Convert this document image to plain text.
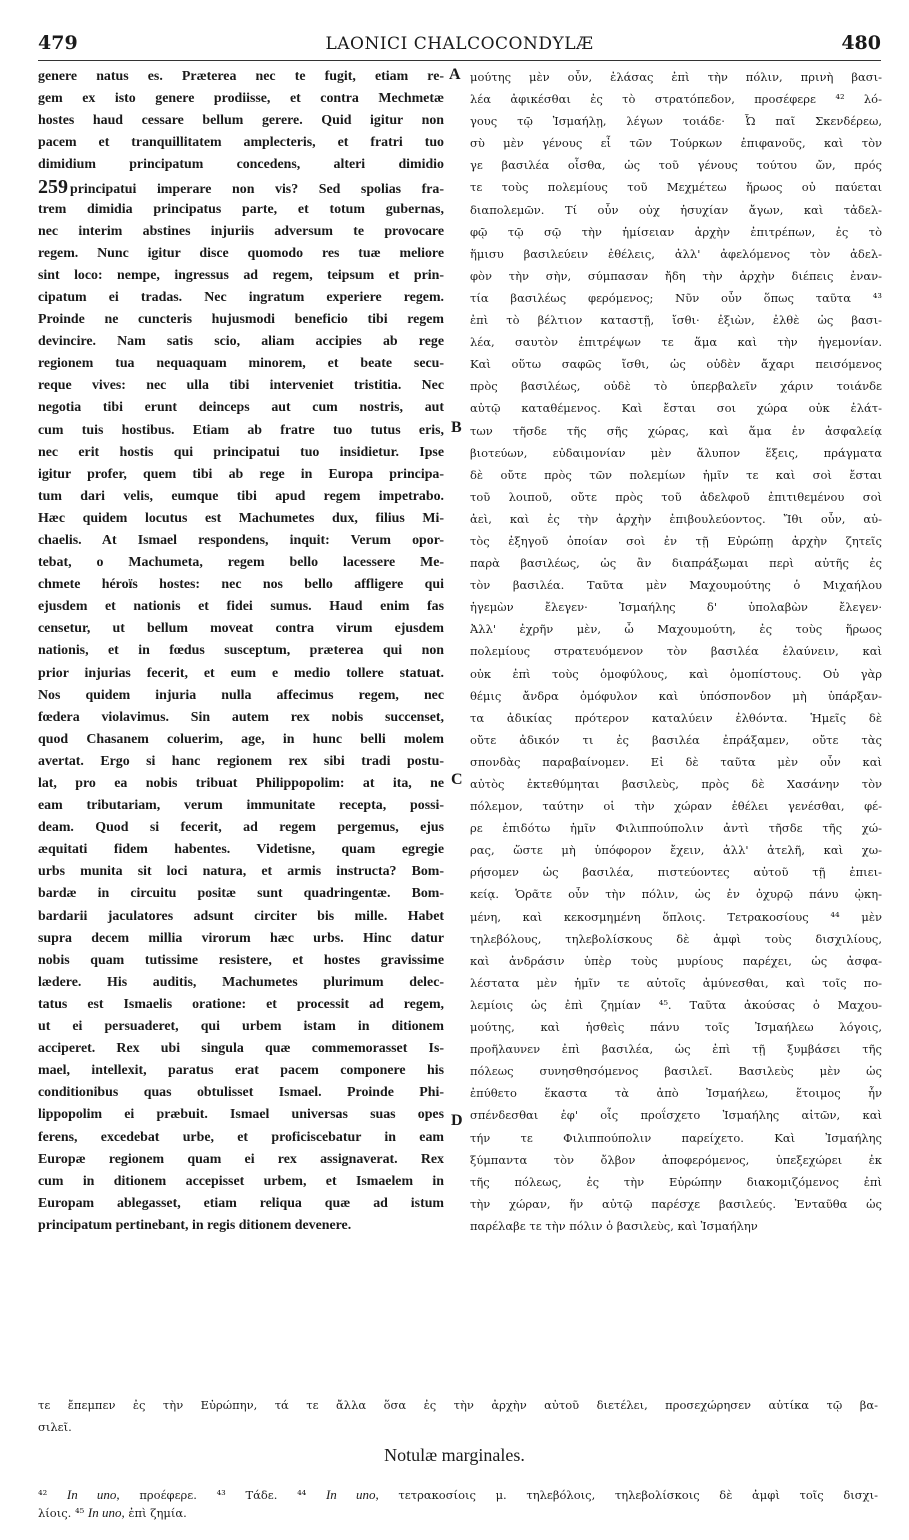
479	LAONICI CHALCOCONDYLÆ	480
genere natus es. Præterea nec te fugit, etiam re-
gem ex isto genere prodiisse, et contra Mechmetæ
hostes haud cessare bellum gerere. Quid igitur non
pacem et tranquillitatem amplecteris, et fratri tuo
dimidium principatum concedens, alteri dimidio
259 principatui imperare non vis? Sed spolias fra-
trem dimidia principatus parte, et totum gubernas,
nec interim abstines injuriis adversum te provocare
regem. Nunc igitur disce quomodo res tuæ meliore
sint loco: nempe, ingressus ad regem, teipsum et prin-
cipatum ei tradas. Nec ingratum experiere regem.
Proinde ne cuncteris hujusmodi beneficio tibi regem
devincire. Nam satis scio, aliam accipies ab rege
regionem tua nequaquam minorem, et beate secu-
reque vives: nec ulla tibi interveniet tristitia. Nec
negotia tibi erunt deinceps aut cum nostris, aut
cum tuis hostibus. Etiam ab fratre tuo tutus eris,
nec erit hostis qui principatui tuo insidietur. Ipse
igitur profer, quem tibi ab rege in Europa principa-
tum dari velis, eumque tibi apud regem impetrabo.
Hæc quidem locutus est Machumetes dux, filius Mi-
chaelis. At Ismael respondens, inquit: Verum opor-
tebat, o Machumeta, regem bello lacessere Me-
chmete héroïs hostes: nec nos bello affligere qui
ejusdem et nationis et fidei sumus. Haud enim fas
censetur, ut bellum moveat contra virum ejusdem
nationis, et in fœdus susceptum, præterea qui non
prior injurias fecerit, et eum e medio tollere statuat.
Nos quidem injuria nulla affecimus regem, nec
fœdera violavimus. Sin autem rex nobis succenset,
quod Chasanem coluerim, age, in hunc belli molem
avertat. Ergo si hanc regionem rex sibi tradi postu-
lat, pro ea nobis tribuat Philippopolim: at ita, ne
eam tributariam, verum immunitate recepta, possi-
deam. Quod si fecerit, ad regem pergemus, ejus
æquitati fidem habentes. Videtisne, quam egregie
urbs munita sit loci natura, et armis instructa? Bom-
bardæ in circuitu positæ sunt quadringentæ. Bom-
bardarii jaculatores adsunt circiter bis mille. Habet
supra decem millia virorum hæc urbs. Hinc datur
nobis quam tutissime resistere, et hostes gravissime
lædere. His auditis, Machumetes plurimum delec-
tatus est Ismaelis oratione: et processit ad regem,
ut ei persuaderet, qui urbem istam in ditionem
acciperet. Rex ubi singula quæ commemorasset Is-
mael, intellexit, paratus erat pacem componere his
conditionibus quas obtulisset Ismael. Proinde Phi-
lippopolim ei præbuit. Ismael universas suas opes
ferens, excedebat urbe, et proficiscebatur in eam
Europæ regionem quam ei rex assignaverat. Rex
cum in ditionem accepisset urbem, et Ismaelem in
Europam ablegasset, etiam reliqua quæ ad istum
principatum pertinebant, in regis ditionem devenere.
μούτης μὲν οὖν, ἐλάσας ἐπὶ τὴν πόλιν, πρινὴ βασι-
λέα ἀφικέσθαι ἐς τὸ στρατόπεδον, προσέφερε ⁴² λό-
γους τῷ Ἰσμαήλῃ, λέγων τοιάδε· Ὦ παῖ Σκενδέρεω,
σὺ μὲν γένους εἶ τῶν Τούρκων ἐπιφανοῦς, καὶ τὸν
γε βασιλέα οἶσθα, ὡς τοῦ γένους τούτου ὤν, πρός
τε τοὺς πολεμίους τοῦ Μεχμέτεω ἥρωος οὐ παύεται
διαπολεμῶν. Τί οὖν οὐχ ἡσυχίαν ἄγων, καὶ τἀδελ-
φῷ τῷ σῷ τὴν ἡμίσειαν ἀρχὴν ἐπιτρέπων, ἐς τὸ
ἥμισυ βασιλεύειν ἐθέλεις, ἀλλ' ἀφελόμενος τὸν ἀδελ-
φὸν τὴν σὴν, σύμπασαν ἤδη τὴν ἀρχὴν διέπεις ἐναν-
τία βασιλέως φερόμενος; Νῦν οὖν ὅπως ταῦτα ⁴³
ἐπὶ τὸ βέλτιον καταστῇ, ἴσθι· ἐξιὼν, ἐλθὲ ὡς βασι-
λέα, σαυτὸν ἐπιτρέψων τε ἅμα καὶ τὴν ἡγεμονίαν.
Καὶ οὕτω σαφῶς ἴσθι, ὡς οὐδὲν ἄχαρι πεισόμενος
πρὸς βασιλέως, οὐδὲ τὸ ὑπερβαλεῖν χάριν τοιάνδε
αὐτῷ καταθέμενος. Καὶ ἔσται σοι χώρα οὐκ ἐλάτ-
των τῆσδε τῆς σῆς χώρας, καὶ ἅμα ἐν ἀσφαλείᾳ
βιοτεύων, εὐδαιμονίαν μὲν ἄλυπον ἕξεις, πράγματα
δὲ οὔτε πρὸς τῶν πολεμίων ἡμῖν τε καὶ σοὶ ἔσται
τοῦ λοιποῦ, οὔτε πρὸς τοῦ ἀδελφοῦ ἐπιτιθεμένου σοὶ
ἀεὶ, καὶ ἐς τὴν ἀρχὴν ἐπιβουλεύοντος. Ἴθι οὖν, αὐ-
τὸς ἐξηγοῦ ὁποίαν σοὶ ἐν τῇ Εὐρώπῃ ἀρχὴν ζητεῖς
παρὰ βασιλέως, ὡς ἂν διαπράξωμαι περὶ αὐτῆς ἐς
τὸν βασιλέα. Ταῦτα μὲν Μαχουμούτης ὁ Μιχαήλου
ἡγεμὼν ἔλεγεν· Ἰσμαήλης δ' ὑπολαβὼν ἔλεγεν·
Ἀλλ' ἐχρῆν μὲν, ὦ Μαχουμούτη, ἐς τοὺς ἥρωος
πολεμίους στρατευόμενον τὸν βασιλέα ἐλαύνειν, καὶ
οὐκ ἐπὶ τοὺς ὁμοφύλους, καὶ ὁμοπίστους. Οὐ γὰρ
θέμις ἄνδρα ὁμόφυλον καὶ ὑπόσπονδον μὴ ὑπάρξαν-
τα ἀδικίας πρότερον καταλύειν ἐλθόντα. Ἡμεῖς δὲ
οὔτε ἀδικόν τι ἐς βασιλέα ἐπράξαμεν, οὔτε τὰς
σπονδὰς παραβαίνομεν. Εἰ δὲ ταῦτα μὲν οὖν καὶ
αὐτὸς ἐκτεθύμηται βασιλεὺς, πρὸς δὲ Χασάνην τὸν
πόλεμον, ταύτην οἱ τὴν χώραν ἐθέλει γενέσθαι, φέ-
ρε ἐπιδότω ἡμῖν Φιλιππούπολιν ἀντὶ τῆσδε τῆς χώ-
ρας, ὥστε μὴ ὑπόφορον ἔχειν, ἀλλ' ἀτελῆ, καὶ χω-
ρήσομεν ὡς βασιλέα, πιστεύοντες αὐτοῦ τῇ ἐπιει-
κείᾳ. Ὁρᾶτε οὖν τὴν πόλιν, ὡς ἐν ὀχυρῷ πάνυ ᾠκη-
μένη, καὶ κεκοσμημένη ὅπλοις. Τετρακοσίους ⁴⁴ μὲν
τηλεβόλους, τηλεβολίσκους δὲ ἀμφὶ τοὺς δισχιλίους,
καὶ ἀνδράσιν ὑπὲρ τοὺς μυρίους παρέχει, ὡς ἀσφα-
λέστατα μὲν ἡμῖν τε αὐτοῖς ἀμύνεσθαι, καὶ τοῖς πο-
λεμίοις ὡς ἐπὶ ζημίαν ⁴⁵. Ταῦτα ἀκούσας ὁ Μαχου-
μούτης, καὶ ἡσθεὶς πάνυ τοῖς Ἰσμαήλεω λόγοις,
προῆλαυνεν ἐπὶ βασιλέα, ὡς ἐπὶ τῇ ξυμβάσει τῆς
πόλεως συνησθησόμενος βασιλεῖ. Βασιλεὺς μὲν ὡς
ἐπύθετο ἕκαστα τὰ ἀπὸ Ἰσμαήλεω, ἕτοιμος ἦν
σπένδεσθαι ἐφ' οἷς προΐσχετο Ἰσμαήλης αἰτῶν, καὶ
τήν τε Φιλιππούπολιν παρείχετο. Καὶ Ἰσμαήλης
ξύμπαντα τὸν ὄλβον ἀποφερόμενος, ὑπεξεχώρει ἐκ
τῆς πόλεως, ἐς τὴν Εὐρώπην διακομιζόμενος ἐπὶ
τὴν χώραν, ἥν αὐτῷ παρέσχε βασιλεύς. Ἐνταῦθα ὡς
παρέλαβε τε τὴν πόλιν ὁ βασιλεὺς, καὶ Ἰσμαήλην
A
B
C
D
τε ἔπεμπεν ἐς τὴν Εὐρώπην, τά τε ἄλλα ὅσα ἐς τὴν ἀρχὴν αὐτοῦ διετέλει, προσεχώρησεν αὐτίκα τῷ βα-
σιλεῖ.
Notulæ marginales.
⁴² In uno, προέφερε. ⁴³ Τάδε. ⁴⁴ In uno, τετρακοσίοις μ. τηλεβόλοις, τηλεβολίσκοις δὲ ἀμφὶ τοῖς δισχι-
λίοις. ⁴⁵ In uno, ἐπὶ ζημία.
